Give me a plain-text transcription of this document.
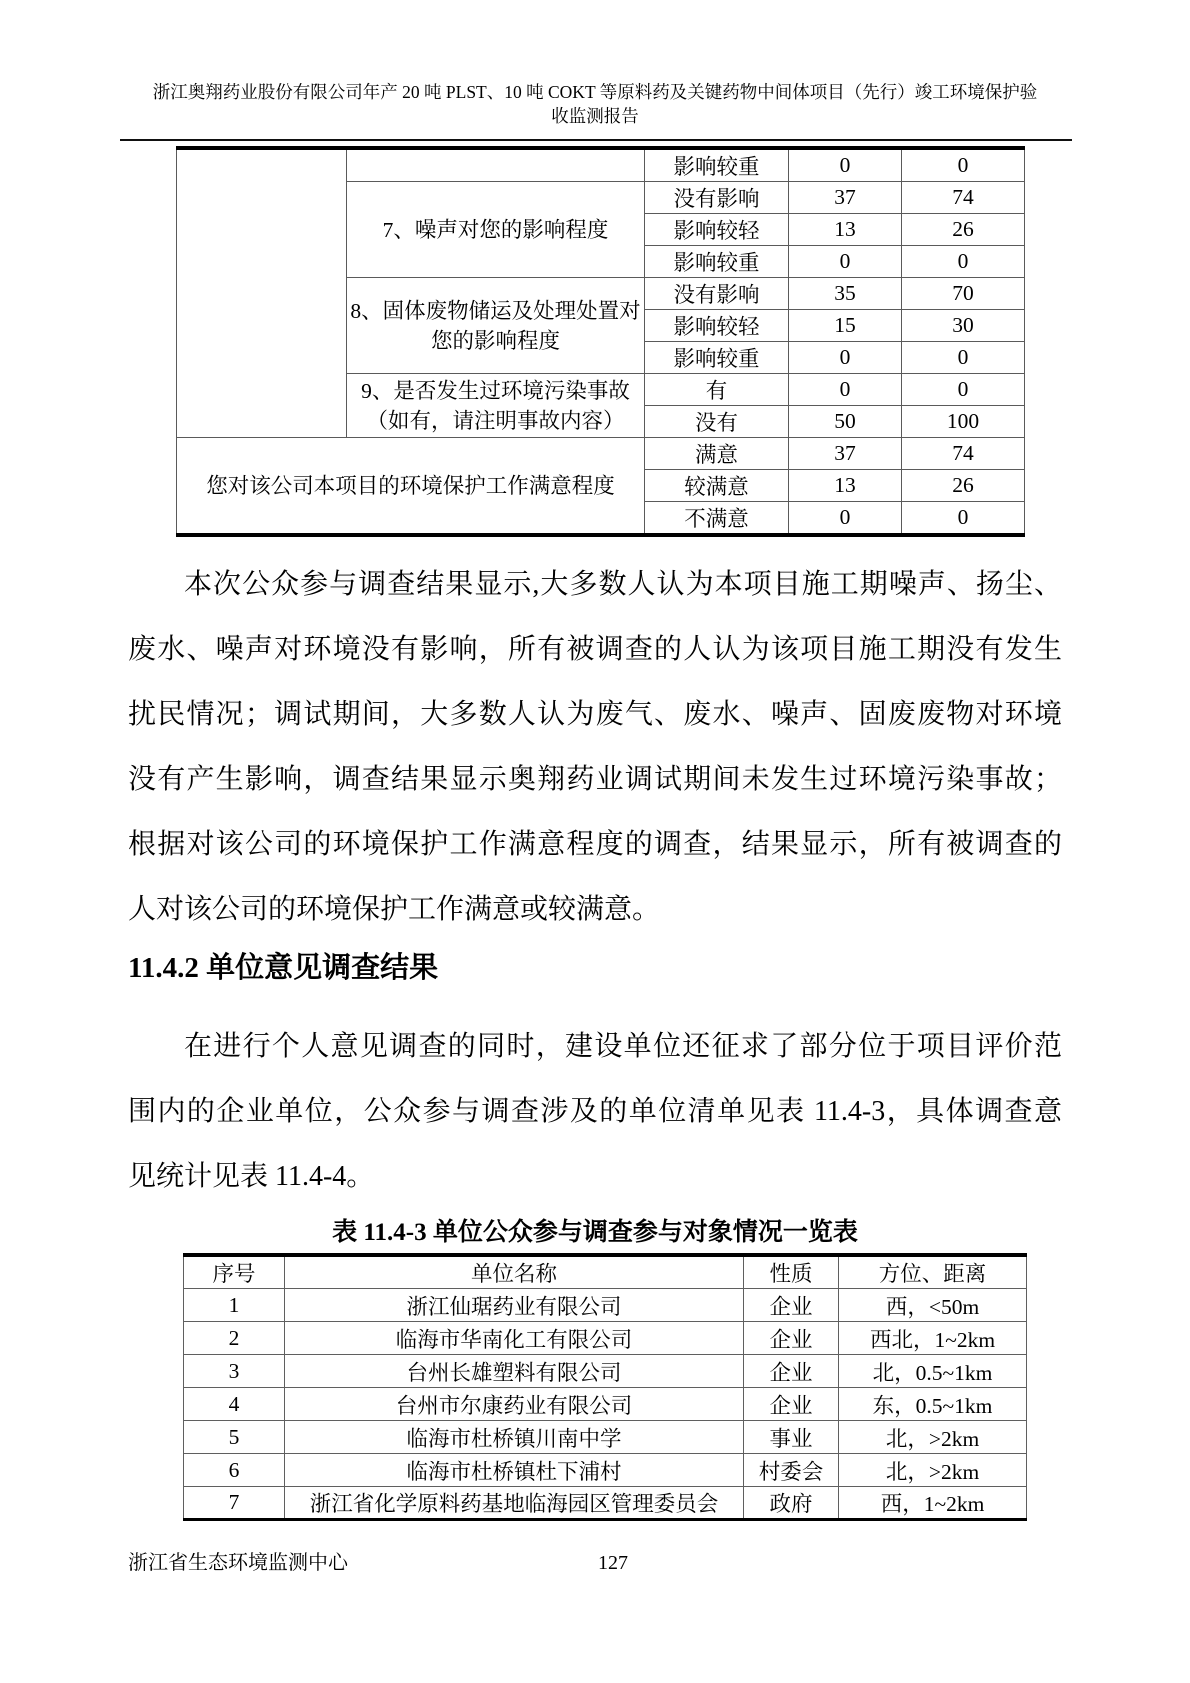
浙江奥翔药业股份有限公司年产 20 吨 PLST、10 吨 COKT 等原料药及关键药物中间体项目（先行）竣工环境保护验
收监测报告
		影响较重	0	0
	7、噪声对您的影响程度	没有影响	37	74
		影响较轻	13	26
		影响较重	0	0

	8、固体废物储运及处理处置对
您的影响程度	没有影响	35	70
		影响较轻	15	30
		影响较重	0	0

	9、是否发生过环境污染事故
（如有，请注明事故内容）	有	0	0
		没有	50	100
您对该公司本项目的环境保护工作满意程度		满意	37	74
		较满意	13	26
		不满意	0	0
本次公众参与调查结果显示,大多数人认为本项目施工期噪声、扬尘、
废水、噪声对环境没有影响，所有被调查的人认为该项目施工期没有发生
扰民情况；调试期间，大多数人认为废气、废水、噪声、固废废物对环境
没有产生影响，调查结果显示奥翔药业调试期间未发生过环境污染事故；
根据对该公司的环境保护工作满意程度的调查，结果显示，所有被调查的
人对该公司的环境保护工作满意或较满意。
11.4.2 单位意见调查结果
在进行个人意见调查的同时，建设单位还征求了部分位于项目评价范
围内的企业单位，公众参与调查涉及的单位清单见表 11.4-3，具体调查意
见统计见表 11.4-4。
表 11.4-3 单位公众参与调查参与对象情况一览表
序号	单位名称	性质	方位、距离
1	浙江仙琚药业有限公司	企业	西，<50m
2	临海市华南化工有限公司	企业	西北，1~2km
3	台州长雄塑料有限公司	企业	北，0.5~1km
4	台州市尔康药业有限公司	企业	东，0.5~1km
5	临海市杜桥镇川南中学	事业	北，>2km
6	临海市杜桥镇杜下浦村	村委会	北，>2km
7	浙江省化学原料药基地临海园区管理委员会	政府	西，1~2km
浙江省生态环境监测中心	127
